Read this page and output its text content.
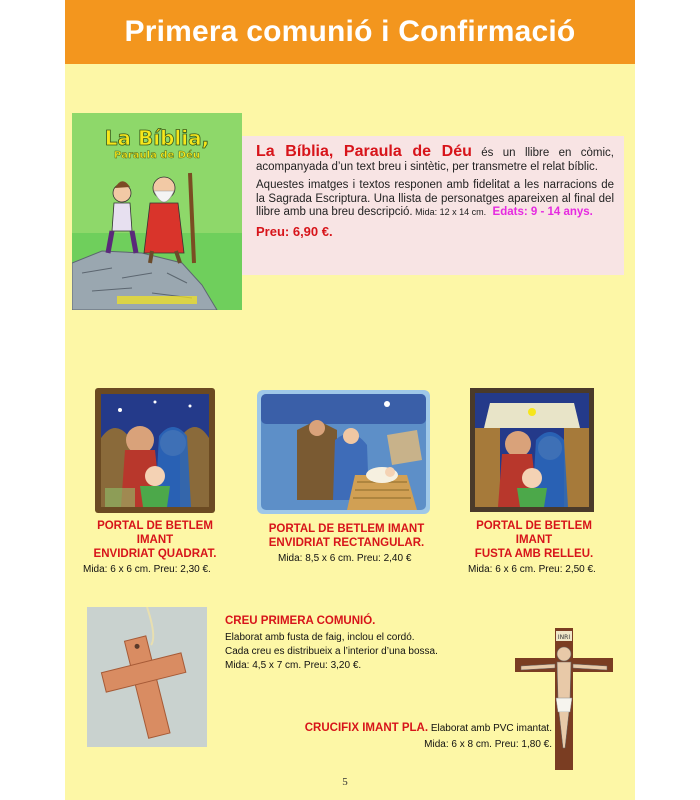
Primera comunió i Confirmació
La Bíblia,
Paraula de Déu	La Bíblia, Paraula de Déu és un llibre en còmic, acompanyada d’un text breu i sintètic, per transmetre el relat bíblic.

Aquestes imatges i textos responen amb fidelitat a les narracions de la Sagrada Escriptura. Una llista de personatges apareixen al final del llibre amb una breu descripció. Mida: 12 x 14 cm. Edats: 9 - 14 anys.

Preu: 6,90 €.

PORTAL DE BETLEM IMANT
ENVIDRIAT QUADRAT.
Mida: 6 x 6 cm. Preu: 2,30 €.
PORTAL DE BETLEM IMANT
ENVIDRIAT RECTANGULAR.
Mida: 8,5 x 6 cm. Preu: 2,40 €
PORTAL DE BETLEM IMANT
FUSTA AMB RELLEU.
Mida: 6 x 6 cm. Preu: 2,50 €.
CREU PRIMERA COMUNIÓ.
Elaborat amb fusta de faig, inclou el cordó.
Cada creu es distribueix a l’interior d’una bossa.
Mida: 4,5 x 7 cm. Preu: 3,20 €.
INRI
CRUCIFIX IMANT PLA. Elaborat amb PVC imantat.
Mida: 6 x 8 cm. Preu: 1,80 €.
5
